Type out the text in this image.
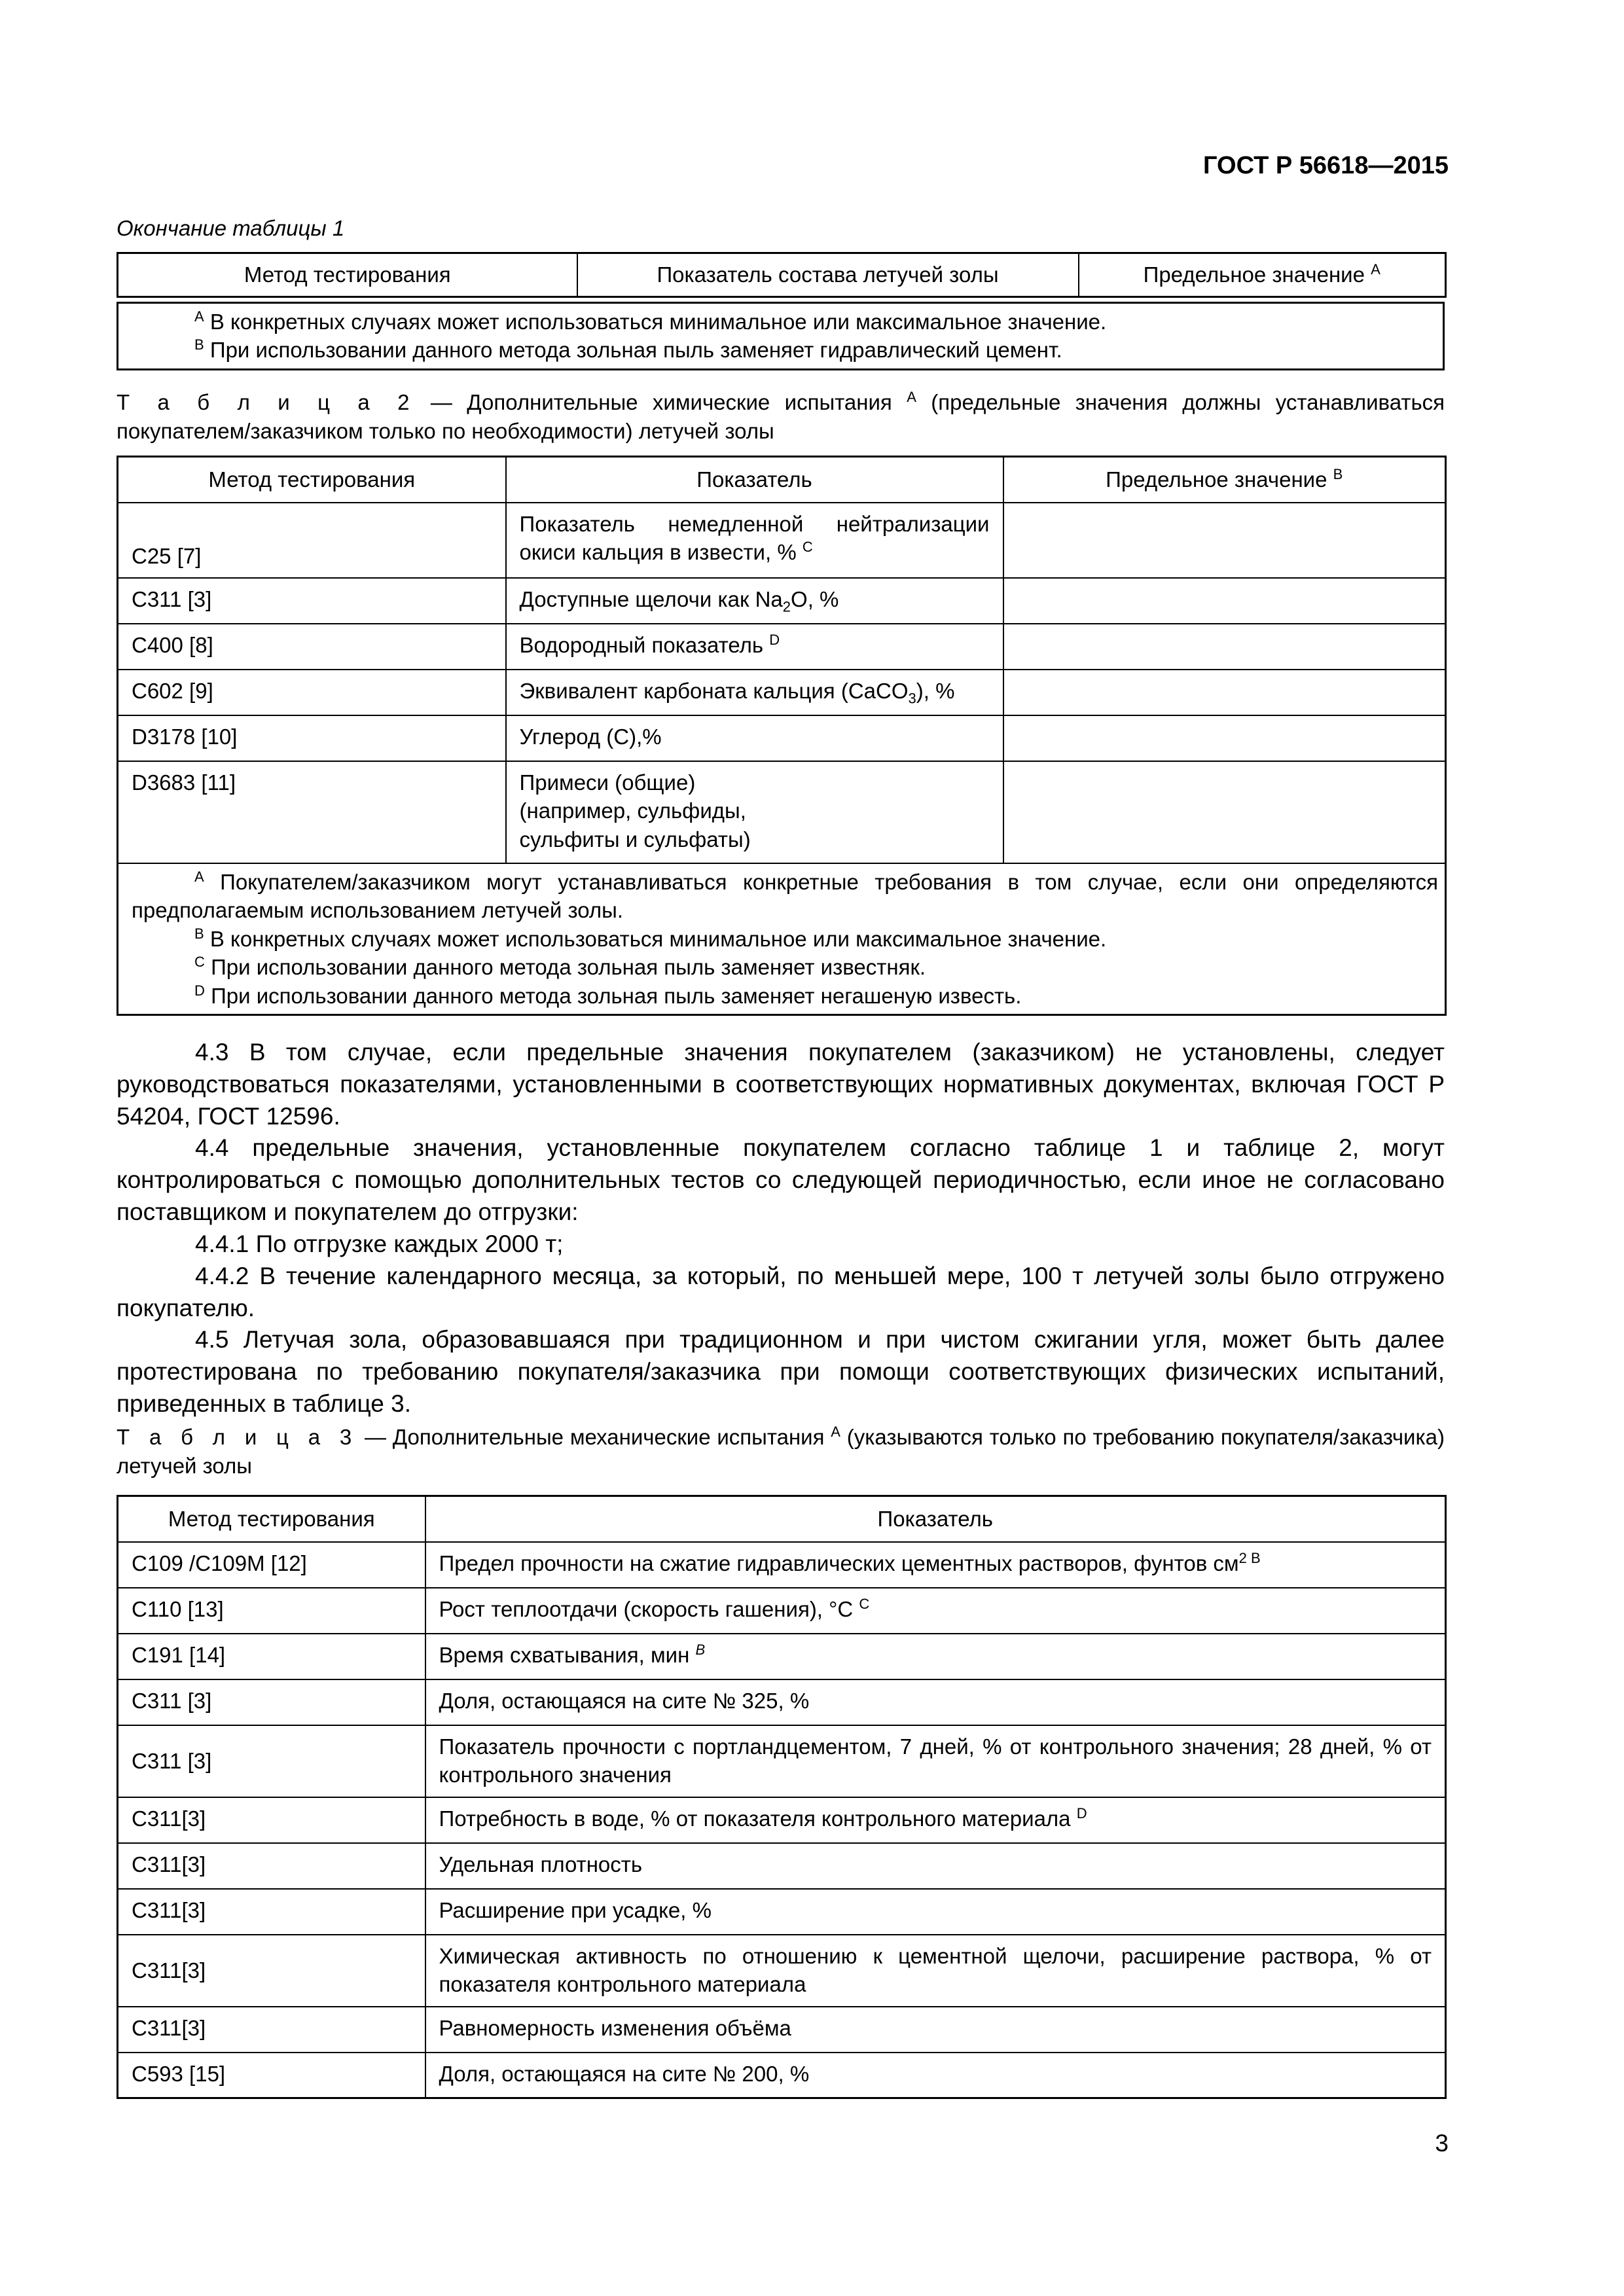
ГОСТ Р 56618—2015
Окончание таблицы 1
Метод тестирования	Показатель состава летучей золы	Предельное значение $^A$
$^A$ В конкретных случаях может использоваться минимальное или максимальное значение.
$^B$ При использовании данного метода зольная пыль заменяет гидравлический цемент.
Т а б л и ц а 2 — Дополнительные химические испытания $^A$ (предельные значения должны устанавливаться покупателем/заказчиком только по необходимости) летучей золы
Метод тестирования	Показатель	Предельное значение $^B$
C25 [7]	Показатель немедленной нейтрализации окиси кальция в извести, % $^C$	
C311 [3]	Доступные щелочи как $Na_2O$, %	
C400 [8]	Водородный показатель $^D$	
C602 [9]	Эквивалент карбоната кальция (CaCO$_3$), %	
D3178 [10]	Углерод (С),%	
D3683 [11]	Примеси (общие)
(например, сульфиды,
сульфиты и сульфаты)	

$^A$ Покупателем/заказчиком могут устанавливаться конкретные требования в том случае, если они определяются предполагаемым использованием летучей золы.
$^B$ В конкретных случаях может использоваться минимальное или максимальное значение.
$^C$ При использовании данного метода зольная пыль заменяет известняк.
$^D$ При использовании данного метода зольная пыль заменяет негашеную известь.		

4.3 В том случае, если предельные значения покупателем (заказчиком) не установлены, следует руководствоваться показателями, установленными в соответствующих нормативных документах, включая ГОСТ Р 54204, ГОСТ 12596.

4.4 предельные значения, установленные покупателем согласно таблице 1 и таблице 2, могут контролироваться с помощью дополнительных тестов со следующей периодичностью, если иное не согласовано поставщиком и покупателем до отгрузки:

4.4.1 По отгрузке каждых 2000 т;

4.4.2 В течение календарного месяца, за который, по меньшей мере, 100 т летучей золы было отгружено покупателю.

4.5 Летучая зола, образовавшаяся при традиционном и при чистом сжигании угля, может быть далее протестирована по требованию покупателя/заказчика при помощи соответствующих физических испытаний, приведенных в таблице 3.

Т а б л и ц а 3 — Дополнительные механические испытания $^A$ (указываются только по требованию покупателя/заказчика) летучей золы
Метод тестирования	Показатель
C109 /C109M [12]	Предел прочности на сжатие гидравлических цементных растворов, фунтов $см^{2 B}$
C110 [13]	Рост теплоотдачи (скорость гашения), °С $^C$
C191 [14]	Время схватывания, мин $^B$
C311 [3]	Доля, остающаяся на сите № 325, %
C311 [3]	Показатель прочности с портландцементом, 7 дней, % от контрольного значения; 28 дней, % от контрольного значения
C311[3]	Потребность в воде, % от показателя контрольного материала $^D$
C311[3]	Удельная плотность
C311[3]	Расширение при усадке, %
C311[3]	Химическая активность по отношению к цементной щелочи, расширение раствора, % от показателя контрольного материала
C311[3]	Равномерность изменения объёма
C593 [15]	Доля, остающаяся на сите № 200, %
3
